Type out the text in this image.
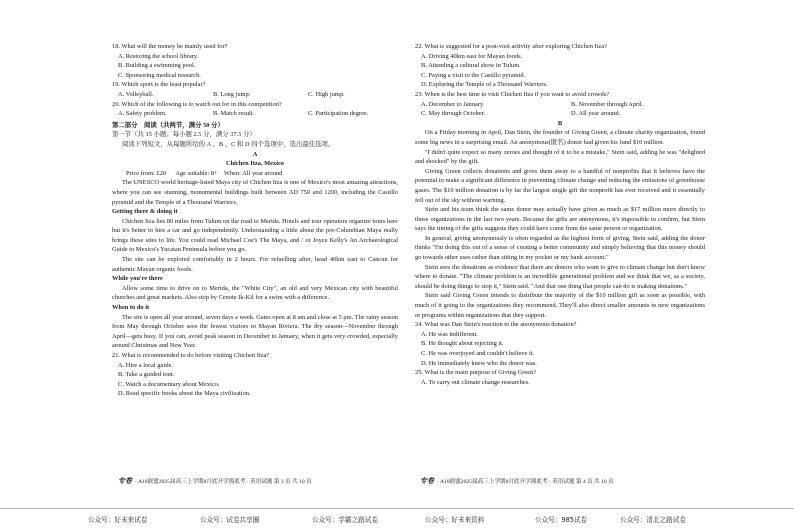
18. What will the money be mainly used for?
A. Restoring the school library.
B. Building a swimming pool.
C. Sponsoring medical research.
19. Which sport is the least popular?
A. Volleyball.	B. Long jump.	C. High jump.
20. Which of the following is to watch out for in this competition?
A. Safety problem.	B. Match result.	C. Participation degree.
第二部分　阅读（共两节，满分 50 分）
第一节（共 15 小题；每小题 2.5 分，满分 37.5 分）
阅读下列短文，从每题所给的 A 、B 、C 和 D 四个选项中，选出最佳选项。
A
Chichen Itza, Mexico
Price from: £20      Age suitable: 8+    When: All year around
The UNESCO world heritage-listed Maya city of Chichen Itza is one of Mexico's most amazing attractions, where you can see stunning, monumental buildings built between AD 750 and 1200, including the Castillo pyramid and the Temple of a Thousand Warriors.
Getting there & doing it
Chichen Itza lies 80 miles from Tulum on the road to Merida. Hotels and tour operators organize tours here but it's better to hire a car and go independently. Understanding a little about the pre-Columbian Maya really brings these sites to life. You could read Michael Coe's The Maya, and / or Joyce Kelly's An Archaeological Guide to Mexico's Yucatan Peninsula before you go.
The site can be explored comfortably in 2 hours. For refuelling after, head 40km east to Cancun for authentic Mayan organic foods.
While you're there
Allow some time to drive on to Merida, the "White City", an old and very Mexican city with beautiful churches and great markets. Also stop by Cenote Ik-Kil for a swim with a difference.
When to do it
The site is open all year around, seven days a week. Gates open at 8 am and close at 5 pm. The rainy season from May through October sees the fewest visitors to Mayan Riviera. The dry season—November through April—gets busy. If you can, avoid peak season in December to January, when it gets very crowded, especially around Christmas and New Year.
21. What is recommended to do before visiting Chichen Itza?
A. Hire a local guide.
B. Take a guided tour.
C. Watch a documentary about Mexico.
D. Read specific books about the Maya civilization.
专卷 · A10联盟2025届高三上学期8月底开学摸底考 · 英语试题 第 3 页 共 10 页
22. What is suggested for a post-visit activity after exploring Chichen Itza?
A. Driving 40km east for Mayan foods.
B. Attending a cultural show in Tulum.
C. Paying a visit to the Castillo pyramid.
D. Exploring the Temple of a Thousand Warriors.
23. When is the best time to visit Chichen Itza if you want to avoid crowds?
A. December to January.	B. November through April.
C. May through October.	D. All year around.
B
On a Friday morning in April, Dan Stein, the founder of Giving Green, a climate charity organization, found some big news in a surprising email. An anonymous(匿名) donor had given his fund $10 million.
"I didn't quite expect so many zeroes and thought of it to be a mistake," Stein said, adding he was "delighted and shocked" by the gift.
Giving Green collects donations and gives them away to a handful of nonprofits that it believes have the potential to make a significant difference in preventing climate change and reducing the emissions of greenhouse gases. The $10 million donation is by far the largest single gift the nonprofit has ever received and it essentially fell out of the sky without warning.
Stein and his team think the same donor may actually have given as much as $17 million more directly to those organizations in the last two years. Because the gifts are anonymous, it's impossible to confirm, but Stein says the timing of the gifts suggests they could have come from the same person or organization.
In general, giving anonymously is often regarded as the highest form of giving, Stein said, adding the donor thinks "I'm doing this out of a sense of creating a better community and simply believing that this money should go towards other uses rather than sitting in my pocket or my bank account."
Stein sees the donations as evidence that there are donors who want to give to climate change but don't know where to donate. "The climate problem is an incredible generational problem and we think that we, as a society, should be doing things to stop it," Stein said. "And that one thing that people can do is making donations."
Stein said Giving Green intends to distribute the majority of the $10 million gift as soon as possible, with much of it going to the organizations they recommend. They'll also direct smaller amounts to new organizations or programs within organizations that they support.
24. What was Dan Stein's reaction to the anonymous donation?
A. He was indifferent.
B. He thought about rejecting it.
C. He was overjoyed and couldn't believe it.
D. He immediately knew who the donor was.
25. What is the main purpose of Giving Green?
A. To carry out climate change researches.
专卷 · A10联盟2025届高三上学期8月底开学摸底考 · 英语试题 第 4 页 共 10 页
公众号：好未来试卷	公众号：试卷共享圈	公众号：学霸之路试卷	公众号：好未来资料	公众号：985试卷	公众号：清北之路试卷
